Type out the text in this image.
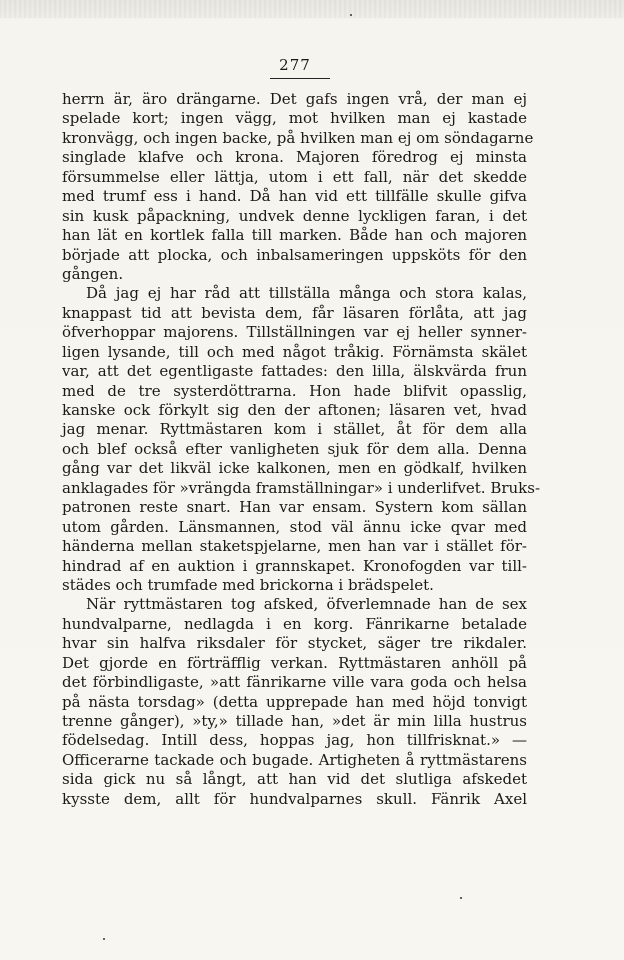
277
herrn är, äro drängarne. Det gafs ingen vrå, der man ej
spelade kort; ingen vägg, mot hvilken man ej kastade
kronvägg, och ingen backe, på hvilken man ej om söndagarne
singlade klafve och krona. Majoren föredrog ej minsta
försummelse eller lättja, utom i ett fall, när det skedde
med trumf ess i hand. Då han vid ett tillfälle skulle gifva
sin kusk påpackning, undvek denne lyckligen faran, i det
han lät en kortlek falla till marken. Både han och majoren
började att plocka, och inbalsameringen uppsköts för den
gången.
Då jag ej har råd att tillställa många och stora kalas,
knappast tid att bevista dem, får läsaren förlåta, att jag
öfverhoppar majorens. Tillställningen var ej heller synner-
ligen lysande, till och med något tråkig. Förnämsta skälet
var, att det egentligaste fattades: den lilla, älskvärda frun
med de tre systerdöttrarna. Hon hade blifvit opasslig,
kanske ock förkylt sig den der aftonen; läsaren vet, hvad
jag menar. Ryttmästaren kom i stället, åt för dem alla
och blef också efter vanligheten sjuk för dem alla. Denna
gång var det likväl icke kalkonen, men en gödkalf, hvilken
anklagades för »vrängda framställningar» i underlifvet. Bruks-
patronen reste snart. Han var ensam. Systern kom sällan
utom gården. Länsmannen, stod väl ännu icke qvar med
händerna mellan staketspjelarne, men han var i stället för-
hindrad af en auktion i grannskapet. Kronofogden var till-
städes och trumfade med brickorna i brädspelet.
När ryttmästaren tog afsked, öfverlemnade han de sex
hundvalparne, nedlagda i en korg. Fänrikarne betalade
hvar sin halfva riksdaler för stycket, säger tre rikdaler.
Det gjorde en förträfflig verkan. Ryttmästaren anhöll på
det förbindligaste, »att fänrikarne ville vara goda och helsa
på nästa torsdag» (detta upprepade han med höjd tonvigt
trenne gånger), »ty,» tillade han, »det är min lilla hustrus
födelsedag. Intill dess, hoppas jag, hon tillfrisknat.» —
Officerarne tackade och bugade. Artigheten å ryttmästarens
sida gick nu så långt, att han vid det slutliga afskedet
kysste dem, allt för hundvalparnes skull. Fänrik Axel
